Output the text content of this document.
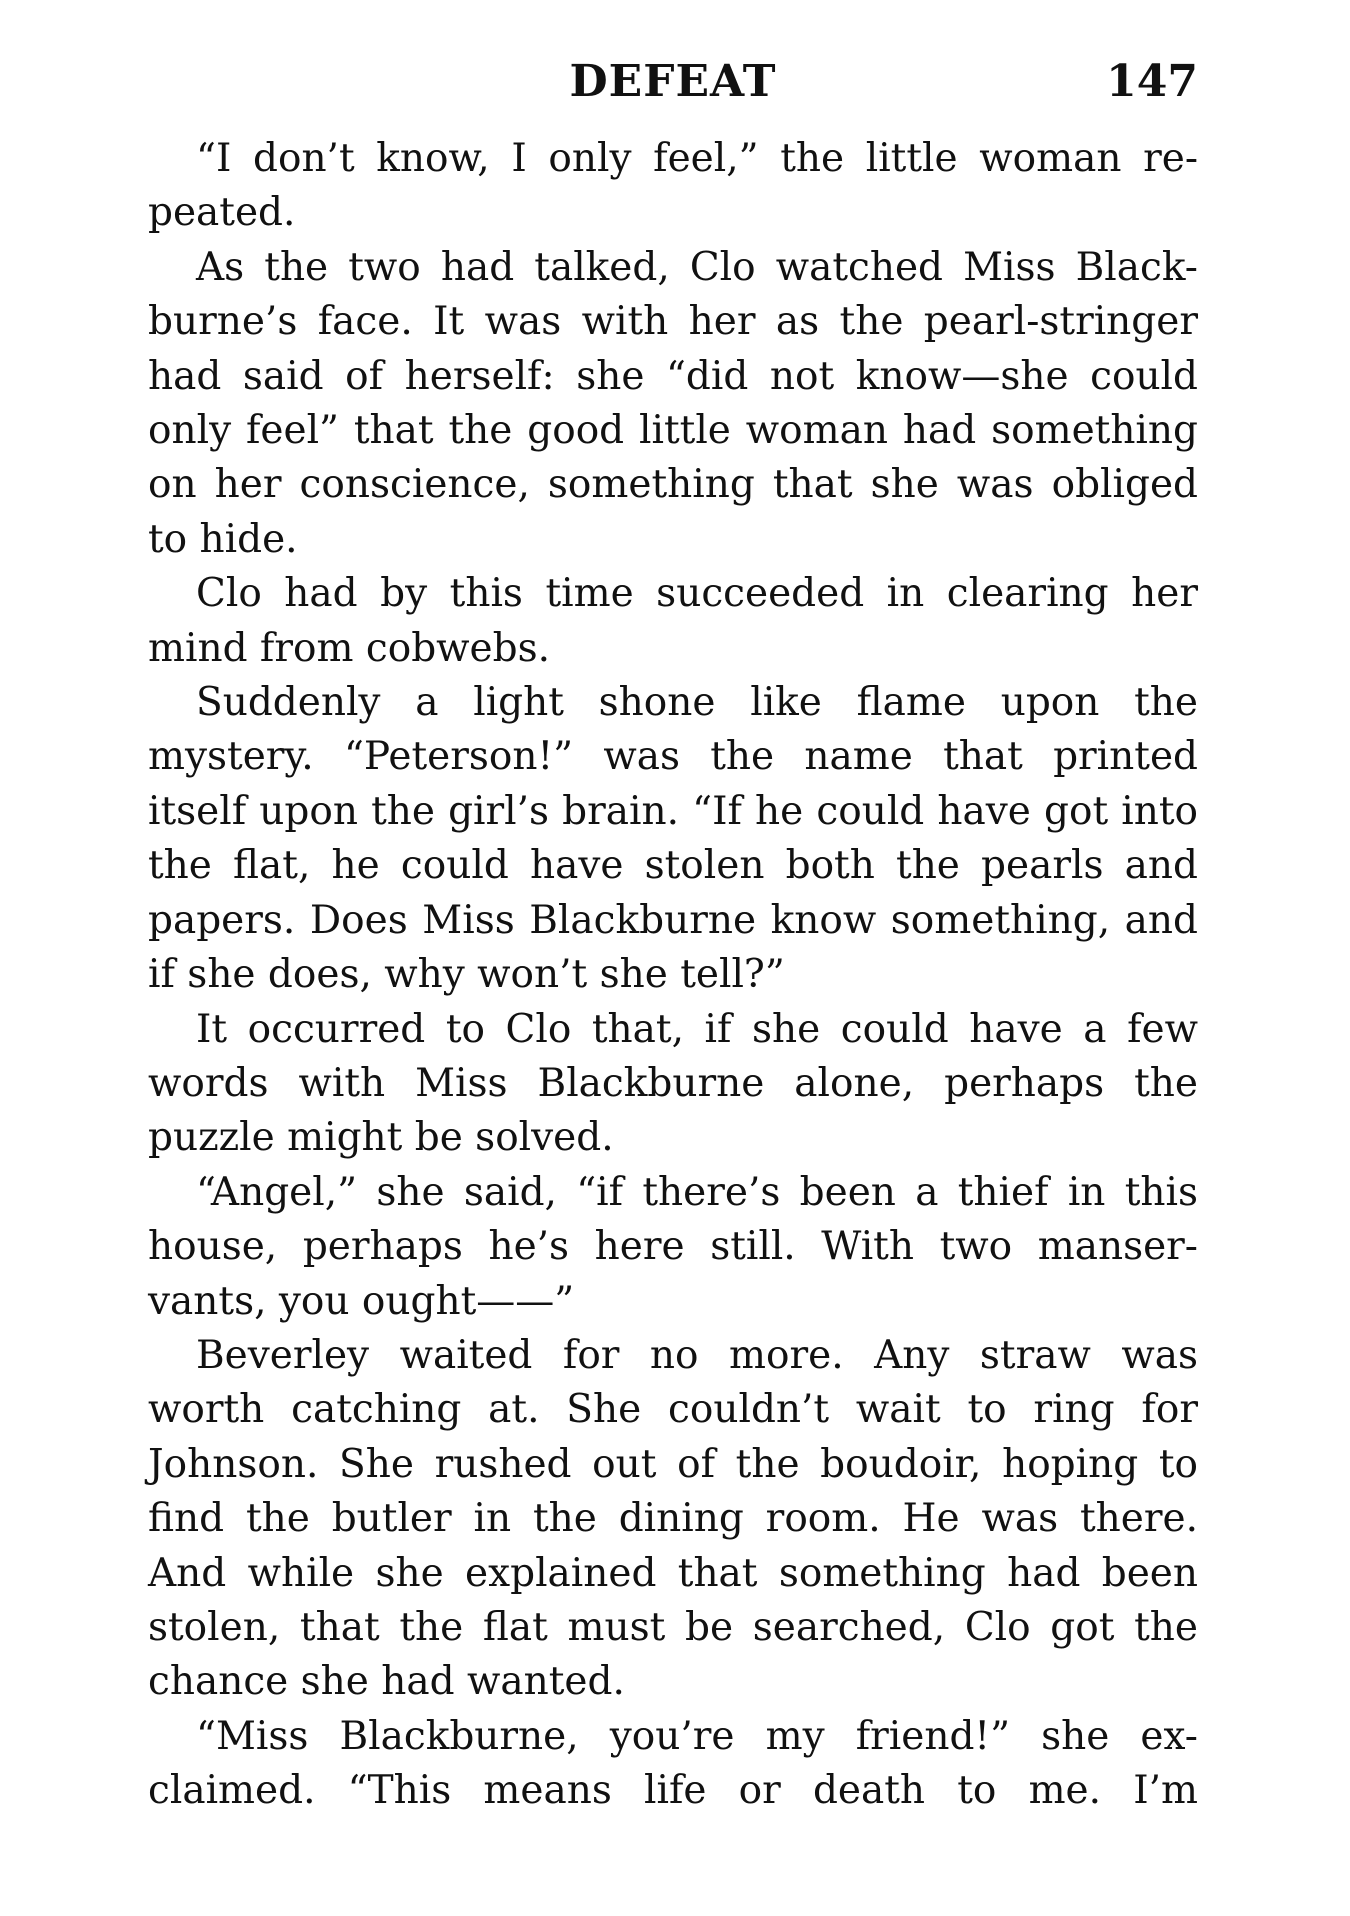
DEFEAT	147

“I don’t know, I only feel,” the little woman re-peated.

As the two had talked, Clo watched Miss Black-burne’s face. It was with her as the pearl-stringer had said of herself: she “did not know—she could only feel” that the good little woman had something on her conscience, something that she was obliged to hide.

Clo had by this time succeeded in clearing her mind from cobwebs.

Suddenly a light shone like flame upon the mystery. “Peterson!” was the name that printed itself upon the girl’s brain. “If he could have got into the flat, he could have stolen both the pearls and papers. Does Miss Blackburne know something, and if she does, why won’t she tell?”

It occurred to Clo that, if she could have a few words with Miss Blackburne alone, perhaps the puzzle might be solved.

“Angel,” she said, “if there’s been a thief in this house, perhaps he’s here still. With two manser-vants, you ought——”

Beverley waited for no more. Any straw was worth catching at. She couldn’t wait to ring for Johnson. She rushed out of the boudoir, hoping to find the butler in the dining room. He was there. And while she explained that something had been stolen, that the flat must be searched, Clo got the chance she had wanted.

“Miss Blackburne, you’re my friend!” she ex-claimed. “This means life or death to me. I’m
